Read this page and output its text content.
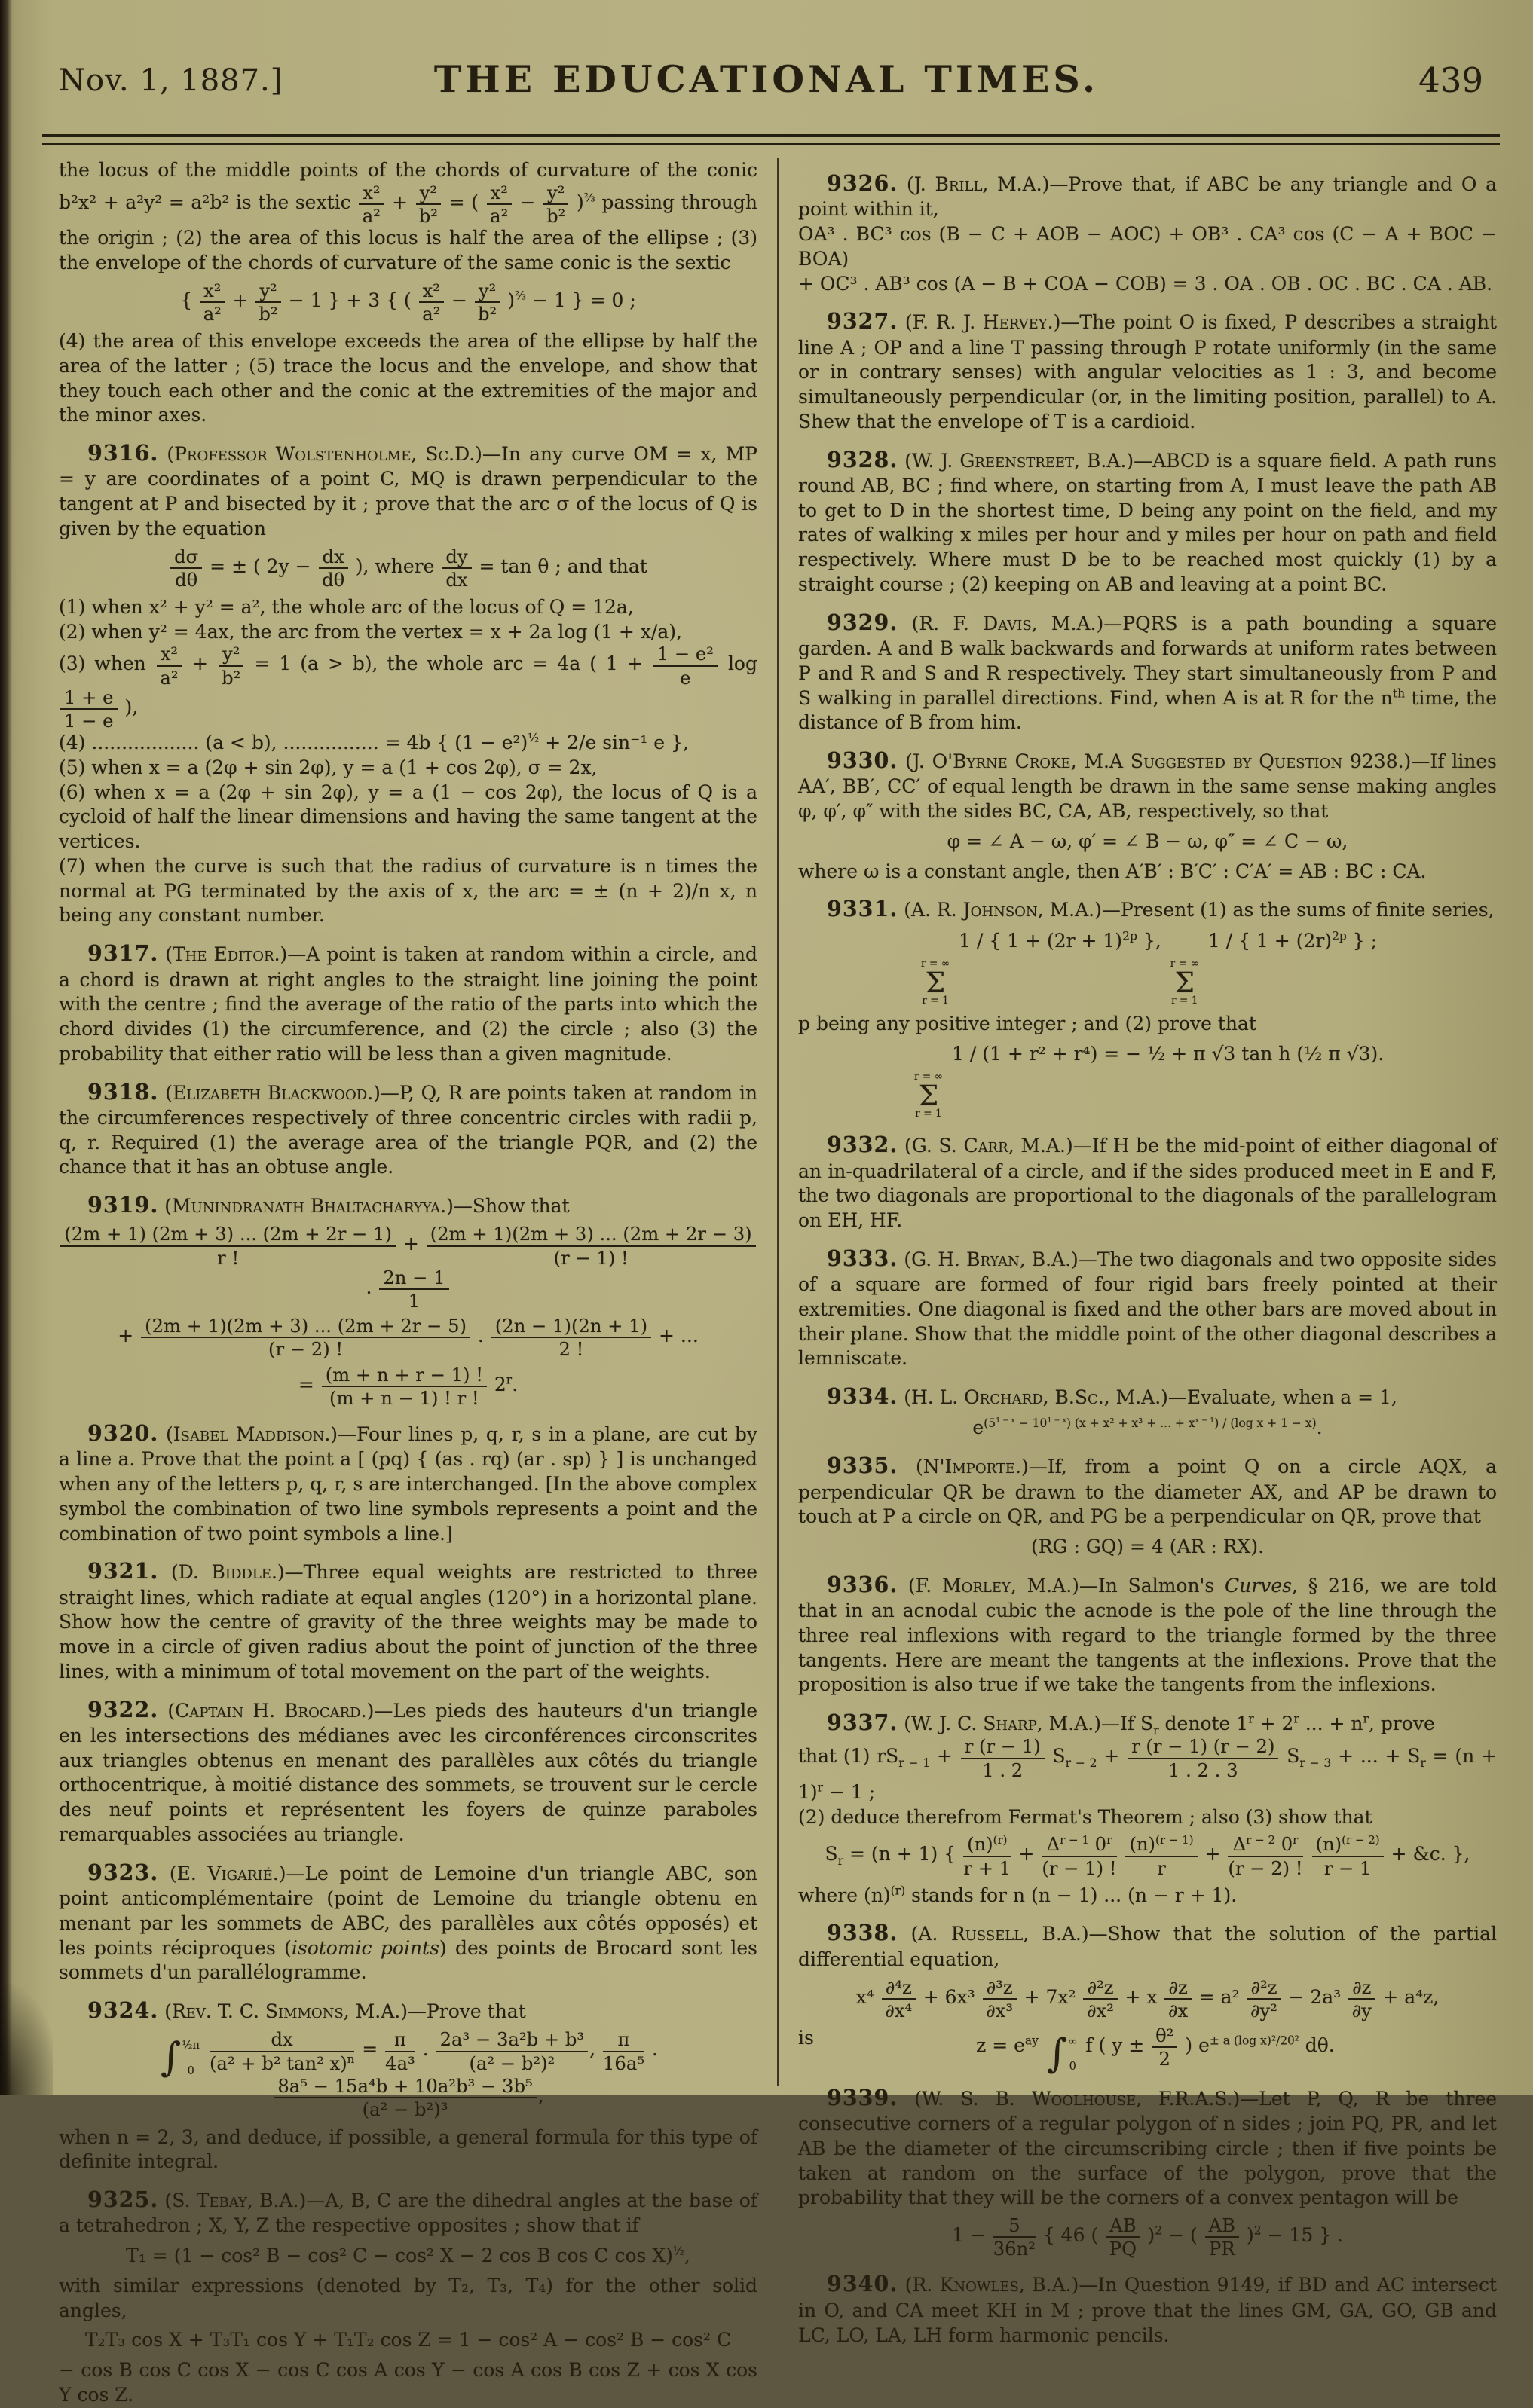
Nov. 1, 1887.]	THE EDUCATIONAL TIMES.	439

the locus of the middle points of the chords of curvature of the conic b²x² + a²y² = a²b² is the sextic $\frac{\text{x²}}{\text{a²}} + \frac{\text{y²}}{\text{b²}}$ = ( $\frac{\text{x²}}{\text{a²}} - \frac{\text{y²}}{\text{b²}} )^{\frac{2}{3}}$ passing through the origin ; (2) the area of this locus is half the area of the ellipse ; (3) the envelope of the chords of curvature of the same conic is the sextic

{ $\frac{\text{x²}}{\text{a²}} + \frac{\text{y²}}{\text{b²}} - 1$ } + 3 { ( $\frac{\text{x²}}{\text{a²}} - \frac{\text{y²}}{\text{b²}} )^{\frac{2}{3}} - 1$ } = 0 ;

(4) the area of this envelope exceeds the area of the ellipse by half the area of the latter ; (5) trace the locus and the envelope, and show that they touch each other and the conic at the extremities of the major and the minor axes.

9316. (Professor Wolstenholme, Sc.D.)—In any curve OM = x, MP = y are coordinates of a point C, MQ is drawn perpendicular to the tangent at P and bisected by it ; prove that the arc σ of the locus of Q is given by the equation

$\frac{d\sigma}{d\theta}$ = ± ( $2y - \frac{dx}{d\theta}$ ), where $\frac{dy}{dx} = \tan \theta$ ; and that

(1) when x² + y² = a², the whole arc of the locus of Q = 12a,

(2) when y² = 4ax, the arc from the vertex = x + 2a log (1 + x/a),

(3) when $\frac{\text{x²}}{\text{a²}} + \frac{\text{y²}}{\text{b²}} = 1$ (a > b), the whole arc = 4a ( $1 + \frac{\text{1 − e²}}{e}$ log
$\frac{1 + e}{1 - e}$ ),

(4) .................. (a < b), ................ = 4b { $(1 - e^2)^{\frac{1}{2}} + 2/e$ sin⁻¹ e },

(5) when x = a (2φ + sin 2φ), y = a (1 + cos 2φ), σ = 2x,

(6) when x = a (2φ + sin 2φ), y = a (1 − cos 2φ), the locus of Q is a cycloid of half the linear dimensions and having the same tangent at the vertices.

(7) when the curve is such that the radius of curvature is n times the normal at PG terminated by the axis of x, the arc = ± (n + 2)/n x, n being any constant number.

9317. (The Editor.)—A point is taken at random within a circle, and a chord is drawn at right angles to the straight line joining the point with the centre ; find the average of the ratio of the parts into which the chord divides (1) the circumference, and (2) the circle ; also (3) the probability that either ratio will be less than a given magnitude.

9318. (Elizabeth Blackwood.)—P, Q, R are points taken at random in the circumferences respectively of three concentric circles with radii p, q, r. Required (1) the average area of the triangle PQR, and (2) the chance that it has an obtuse angle.

9319. (Munindranath Bhaltacharyya.)—Show that

$\frac{(2m + 1) (2m + 3) ... (2m + 2r - 1)}{r !} + \frac{(2m + 1)(2m + 3) ... (2m + 2r - 3)}{(r - 1) !}$
. $\frac{2n - 1}{1}$

+ $\frac{(2m + 1)(2m + 3) ... (2m + 2r - 5)}{(r - 2) !}$ . $\frac{(2n - 1)(2n + 1)}{2 !}$ + ...

= $\frac{(m + n + r - 1) !}{(m + n - 1) ! r !} 2^r$.

9320. (Isabel Maddison.)—Four lines p, q, r, s in a plane, are cut by a line a. Prove that the point a [ (pq) { (as . rq) (ar . sp) } ] is unchanged when any of the letters p, q, r, s are interchanged. [In the above complex symbol the combination of two line symbols represents a point and the combination of two point symbols a line.]

9321. (D. Biddle.)—Three equal weights are restricted to three straight lines, which radiate at equal angles (120°) in a horizontal plane. Show how the centre of gravity of the three weights may be made to move in a circle of given radius about the point of junction of the three lines, with a minimum of total movement on the part of the weights.

9322. (Captain H. Brocard.)—Les pieds des hauteurs d'un triangle en les intersections des médianes avec les circonférences circonscrites aux triangles obtenus en menant des parallèles aux côtés du triangle orthocentrique, à moitié distance des sommets, se trouvent sur le cercle des neuf points et représentent les foyers de quinze paraboles remarquables associées au triangle.

9323. (E. Vigarié.)—Le point de Lemoine d'un triangle ABC, son point anticomplémentaire (point de Lemoine du triangle obtenu en menant par les sommets de ABC, des parallèles aux côtés opposés) et les points réciproques (isotomic points) des points de Brocard sont les sommets d'un parallélogramme.

9324. (Rev. T. C. Simmons, M.A.)—Prove that

∫ ½π
0
$\frac{dx}{(a^2 + b^2 \tan^2 x)^n} = \frac{\pi}{\text{4a³}}$ . $\frac{\text{2a³ − 3a²b + b³}}{\text{(a² − b²)²}}$ , $\frac{\pi}{\text{16a⁵}}$ .
$\frac{\text{8a⁵ − 15a⁴b + 10a²b³ − 3b⁵}}{\text{(a² − b²)³}}$ ,

when n = 2, 3, and deduce, if possible, a general formula for this type of definite integral.

9325. (S. Tebay, B.A.)—A, B, C are the dihedral angles at the base of a tetrahedron ; X, Y, Z the respective opposites ; show that if

T₁ = (1 − cos² B − cos² C − cos² X − 2 cos B cos C cos X)$^{\frac{1}{2}}$,

with similar expressions (denoted by T₂, T₃, T₄) for the other solid angles,

T₂T₃ cos X + T₃T₁ cos Y + T₁T₂ cos Z = 1 − cos² A − cos² B − cos² C

− cos B cos C cos X − cos C cos A cos Y − cos A cos B cos Z + cos X cos Y cos Z.

9326. (J. Brill, M.A.)—Prove that, if ABC be any triangle and O a point within it,

OA³ . BC³ cos (B − C + AOB − AOC) + OB³ . CA³ cos (C − A + BOC − BOA)

+ OC³ . AB³ cos (A − B + COA − COB) = 3 . OA . OB . OC . BC . CA . AB.

9327. (F. R. J. Hervey.)—The point O is fixed, P describes a straight line A ; OP and a line T passing through P rotate uniformly (in the same or in contrary senses) with angular velocities as 1 : 3, and become simultaneously perpendicular (or, in the limiting position, parallel) to A. Shew that the envelope of T is a cardioid.

9328. (W. J. Greenstreet, B.A.)—ABCD is a square field. A path runs round AB, BC ; find where, on starting from A, I must leave the path AB to get to D in the shortest time, D being any point on the field, and my rates of walking x miles per hour and y miles per hour on path and field respectively. Where must D be to be reached most quickly (1) by a straight course ; (2) keeping on AB and leaving at a point BC.

9329. (R. F. Davis, M.A.)—PQRS is a path bounding a square garden. A and B walk backwards and forwards at uniform rates between P and R and S and R respectively. They start simultaneously from P and S walking in parallel directions. Find, when A is at R for the $n^{th}$ time, the distance of B from him.

9330. (J. O'Byrne Croke, M.A Suggested by Question 9238.)—If lines AA′, BB′, CC′ of equal length be drawn in the same sense making angles φ, φ′, φ″ with the sides BC, CA, AB, respectively, so that

φ = ∠ A − ω, φ′ = ∠ B − ω, φ″ = ∠ C − ω,

where ω is a constant angle, then A′B′ : B′C′ : C′A′ = AB : BC : CA.

9331. (A. R. Johnson, M.A.)—Present (1) as the sums of finite series,

r = ∞
Σ
r = 1
1 / { $1 + (2r + 1)^{2p}$ },
r = ∞
Σ
r = 1
1 / { $1 + (2r)^{2p}$ } ;

p being any positive integer ; and (2) prove that

r = ∞
Σ
r = 1
1 / (1 + r² + r⁴) = − ½ + π √3 tan h (½ π √3).

9332. (G. S. Carr, M.A.)—If H be the mid-point of either diagonal of an in-quadrilateral of a circle, and if the sides produced meet in E and F, the two diagonals are proportional to the diagonals of the parallelogram on EH, HF.

9333. (G. H. Bryan, B.A.)—The two diagonals and two opposite sides of a square are formed of four rigid bars freely pointed at their extremities. One diagonal is fixed and the other bars are moved about in their plane. Show that the middle point of the other diagonal describes a lemniscate.

9334. (H. L. Orchard, B.Sc., M.A.)—Evaluate, when a = 1,

$e^{(5^{1 - x} - 10^{1 - x}) (x + x^2 + x^3 + ... + x^{x - 1}) / (log x + 1 - x)}$.

9335. (N'Importe.)—If, from a point Q on a circle AQX, a perpendicular QR be drawn to the diameter AX, and AP be drawn to touch at P a circle on QR, and PG be a perpendicular on QR, prove that

(RG : GQ) = 4 (AR : RX).

9336. (F. Morley, M.A.)—In Salmon's Curves, § 216, we are told that in an acnodal cubic the acnode is the pole of the line through the three real inflexions with regard to the triangle formed by the three tangents. Here are meant the tangents at the inflexions. Prove that the proposition is also true if we take the tangents from the inflexions.

9337. (W. J. C. Sharp, M.A.)—If $S_r$ denote $1^r + 2^r$ ... + $n^r$, prove

that (1) $rS_{r - 1} + \frac{r (r - 1)}{1 . 2} S_{r - 2} + \frac{r (r - 1) (r - 2)}{1 . 2 . 3} S_{r - 3}$ + ... + $S_r = (n + 1)^r - 1$ ;

(2) deduce therefrom Fermat's Theorem ; also (3) show that

$S_r = (n + 1)$ { $\frac{(n)^{(r)}}{r + 1} + \frac{\Delta^{r - 1} 0^r}{(r - 1) !}$
$\frac{(n)^{(r - 1)}}{r} + \frac{\Delta^{r - 2} 0^r}{(r - 2) !}$
$\frac{(n)^{(r - 2)}}{r - 1}$ + &c. },

where $(n)^{(r)}$ stands for n (n − 1) ... (n − r + 1).

9338. (A. Russell, B.A.)—Show that the solution of the partial differential equation,

$x^4 \frac{\text{∂⁴z}}{\text{∂x⁴}} + 6x^3 \frac{\text{∂³z}}{\text{∂x³}} + 7x^2 \frac{\text{∂²z}}{\text{∂x²}} + x \frac{\partial z}{\partial x} = a^2 \frac{\text{∂²z}}{\text{∂y²}} - 2a^3 \frac{\partial z}{\partial y} + a^4z$,

is	$z = e^{ay}$ ∫ ∞
0
f ( $y \pm \frac{\text{θ²}}{2}$ ) $e^{\pm a (log x)^2/2\theta^2}$ dθ.

9339. (W. S. B. Woolhouse, F.R.A.S.)—Let P, Q, R be three consecutive corners of a regular polygon of n sides ; join PQ, PR, and let AB be the diameter of the circumscribing circle ; then if five points be taken at random on the surface of the polygon, prove that the probability that they will be the corners of a convex pentagon will be

$1 - \frac{5}{\text{36n²}}$ { 46 ( $\frac{AB}{PQ} )^2$ − ( $\frac{AB}{PR} )^2 - 15$ } .

9340. (R. Knowles, B.A.)—In Question 9149, if BD and AC intersect in O, and CA meet KH in M ; prove that the lines GM, GA, GO, GB and LC, LO, LA, LH form harmonic pencils.
